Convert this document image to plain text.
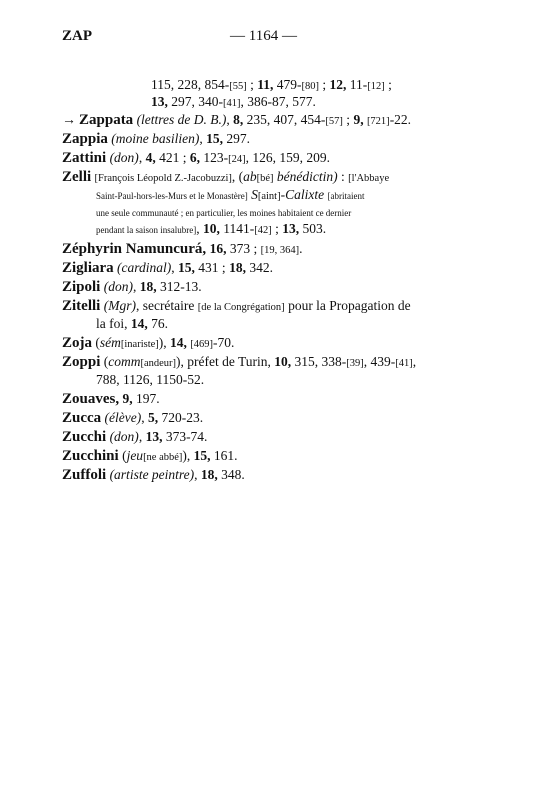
ZAP	— 1164 —
115, 228, 854-[55] ; 11, 479-[80] ; 12, 11-[12] ;
13, 297, 340-[41], 386-87, 577.
→ Zappata (lettres de D. B.), 8, 235, 407, 454-[57] ; 9, [721]-22.
Zappia (moine basilien), 15, 297.
Zattini (don), 4, 421 ; 6, 123-[24], 126, 159, 209.
Zelli [François Léopold Z.-Jacobuzzi], (ab[bé] bénédictin) : [l'Abbaye
Saint-Paul-hors-les-Murs et le Monastère] S[aint]-Calixte [abritaient
une seule communauté ; en particulier, les moines habitaient ce dernier
pendant la saison insalubre], 10, 1141-[42] ; 13, 503.
Zéphyrin Namuncurá, 16, 373 ; [19, 364].
Zigliara (cardinal), 15, 431 ; 18, 342.
Zipoli (don), 18, 312-13.
Zitelli (Mgr), secrétaire [de la Congrégation] pour la Propagation de
la foi, 14, 76.
Zoja (sém[inariste]), 14, [469]-70.
Zoppi (comm[andeur]), préfet de Turin, 10, 315, 338-[39], 439-[41],
788, 1126, 1150-52.
Zouaves, 9, 197.
Zucca (élève), 5, 720-23.
Zucchi (don), 13, 373-74.
Zucchini (jeu[ne abbé]), 15, 161.
Zuffoli (artiste peintre), 18, 348.
